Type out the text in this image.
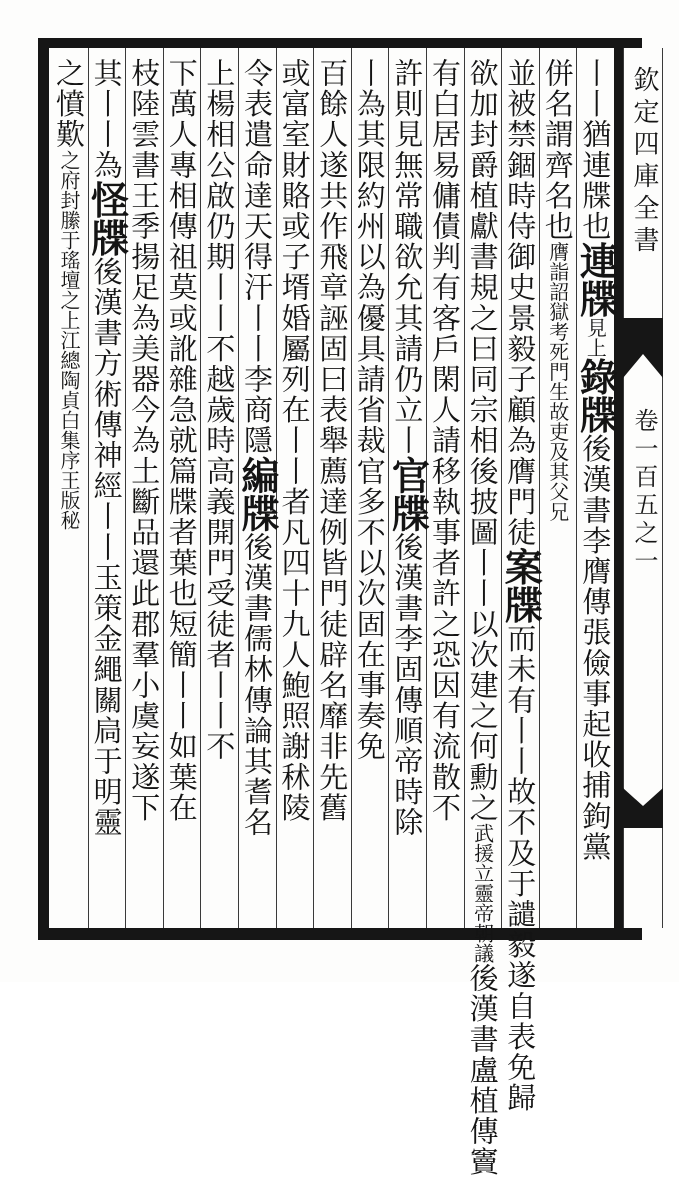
丨丨猶連牒也連牒見上錄牒後漢書李膺傳張儉事起收捕鉤黨
併名謂齊名也膺詣詔獄考死門生故吏及其父兄
並被禁錮時侍御史景毅子顧為膺門徒案牒而未有丨丨故不及于譴毅遂自表免歸
欲加封爵植獻書規之曰同宗相後披圖丨丨以次建之何勳之武援立靈帝朝議後漢書盧植傳竇
有白居易傭債判有客戶閑人請移執事者許之恐因有流散不
許則見無常職欲允其請仍立丨官牒後漢書李固傳順帝時除
丨為其限約州以為優具請省裁官多不以次固在事奏免
百餘人遂共作飛章誣固曰表舉薦達例皆門徒辟名靡非先舊
或富室財賂或子壻婚屬列在丨丨者凡四十九人鮑照謝秫陵
令表遣命達天得汗丨丨李商隱編牒後漢書儒林傳論其耆名
上楊相公啟仍期丨丨不越歲時高義開門受徒者丨丨不
下萬人專相傳祖莫或訛雜急就篇牒者葉也短簡丨丨如葉在
枝陸雲書王季揚足為美器今為土斷品還此郡羣小虞妄遂下
其丨丨為怪牒後漢書方術傳神經丨丨玉策金繩關扃于明靈
之憤歎之府封縢于瑤壇之上江總陶貞白集序王版秘	欽定四庫全書
卷一百五之一
